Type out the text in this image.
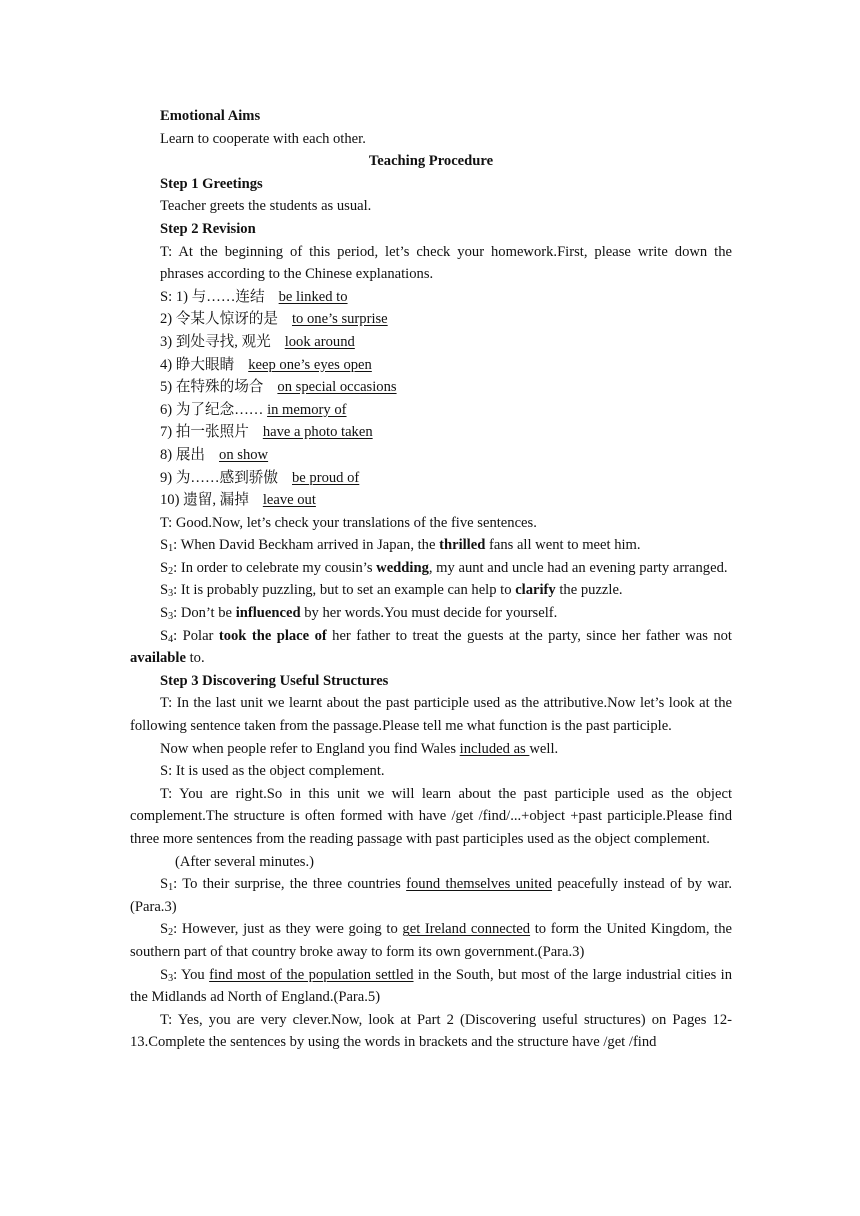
Emotional Aims
Learn to cooperate with each other.
Teaching Procedure
Step 1 Greetings
Teacher greets the students as usual.
Step 2 Revision
T: At the beginning of this period, let’s check your homework.First, please write down the phrases according to the Chinese explanations.
S: 1) 与……连结 be linked to
2) 令某人惊讶的是 to one’s surprise
3) 到处寻找, 观光 look around
4) 睁大眼睛 keep one’s eyes open
5) 在特殊的场合 on special occasions
6) 为了纪念…… in memory of
7) 拍一张照片 have a photo taken
8) 展出 on show
9) 为……感到骄傲 be proud of
10) 遗留, 漏掉 leave out
T: Good.Now, let’s check your translations of the five sentences.
$S_1$: When David Beckham arrived in Japan, the thrilled fans all went to meet him.
$S_2$: In order to celebrate my cousin’s wedding, my aunt and uncle had an evening party arranged.
$S_3$: It is probably puzzling, but to set an example can help to clarify the puzzle.
$S_3$: Don’t be influenced by her words.You must decide for yourself.
$S_4$: Polar took the place of her father to treat the guests at the party, since her father was not available to.
Step 3 Discovering Useful Structures
T: In the last unit we learnt about the past participle used as the attributive.Now let’s look at the following sentence taken from the passage.Please tell me what function is the past participle.
Now when people refer to England you find Wales included as well.
S: It is used as the object complement.
T: You are right.So in this unit we will learn about the past participle used as the object complement.The structure is often formed with have /get /find/...+object +past participle.Please find three more sentences from the reading passage with past participles used as the object complement.
(After several minutes.)
$S_1$: To their surprise, the three countries found themselves united peacefully instead of by war.(Para.3)
$S_2$: However, just as they were going to get Ireland connected to form the United Kingdom, the southern part of that country broke away to form its own government.(Para.3)
$S_3$: You find most of the population settled in the South, but most of the large industrial cities in the Midlands ad North of England.(Para.5)
T: Yes, you are very clever.Now, look at Part 2 (Discovering useful structures) on Pages 12-13.Complete the sentences by using the words in brackets and the structure have /get /find
